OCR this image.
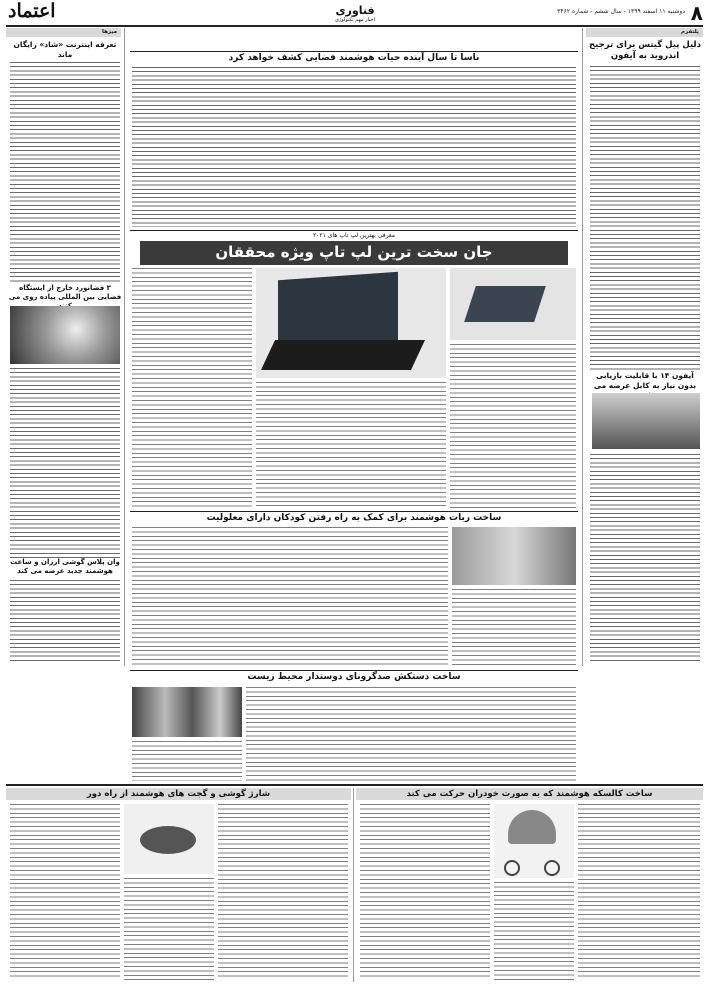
۸
دوشنبه ۱۱ اسفند ۱۳۹۹ - سال ششم - شماره ۳۴۶۲
فناوری
اخبار مهم تکنولوژی
اعتماد
میزها	پلتفرم
دلیل پیل گیتس برای ترجیح اندروید به آیفون
آیفون ۱۴ با قابلیت بازیابی بدون نیاز به کابل عرضه می
تعرفه اینترنت «شاد» رایگان ماند
۳ فضانورد خارج از ایستگاه فضایی بین المللی پیاده روی می
وان پلاس گوشی ارزان و ساعت هوشمند جدید عرضه می کند
ناسا تا سال آینده حیات هوشمند فضایی کشف خواهد کرد
معرفی بهترین لپ تاپ های ۲۰۲۱
جان سخت ترین لپ تاپ ویژه محققان
ساخت ربات هوشمند برای کمک به راه رفتن کودکان دارای معلولیت
ساخت دستکش ضدگرونای دوستدار محیط زیست
ساخت کالسکه هوشمند که به صورت خودران حرکت می کند
شارژ گوشی و گجت های هوشمند از راه دور
